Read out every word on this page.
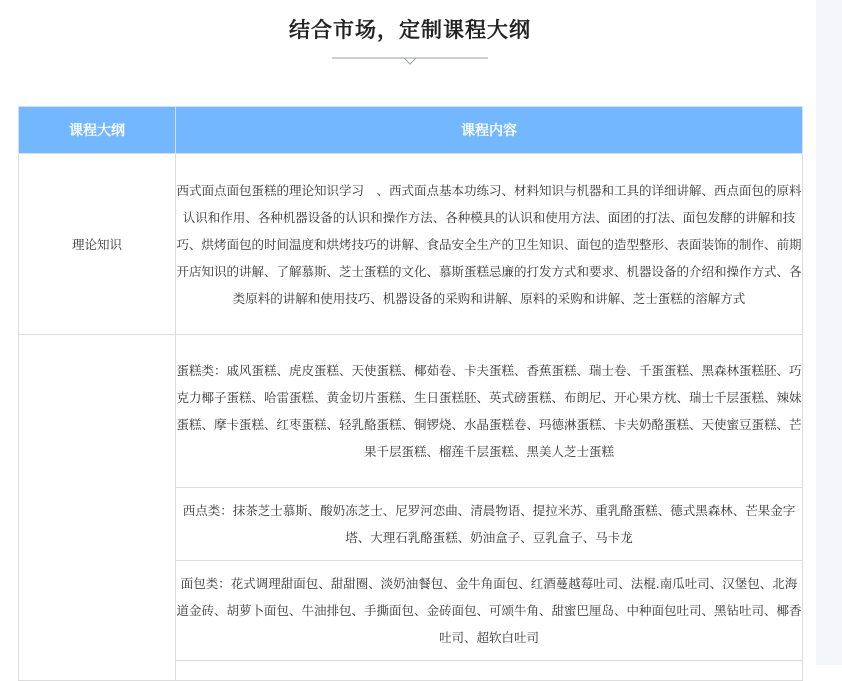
结合市场，定制课程大纲
课程大纲	课程内容
理论知识	西式面点面包蛋糕的理论知识学习　、西式面点基本功练习、材料知识与机器和工具的详细讲解、西点面包的原料认识和作用、各种机器设备的认识和操作方法、各种模具的认识和使用方法、面团的打法、面包发酵的讲解和技巧、烘烤面包的时间温度和烘烤技巧的讲解、食品安全生产的卫生知识、面包的造型整形、表面装饰的制作、前期开店知识的讲解、了解慕斯、芝士蛋糕的文化、慕斯蛋糕忌廉的打发方式和要求、机器设备的介绍和操作方式、各类原料的讲解和使用技巧、机器设备的采购和讲解、原料的采购和讲解、芝士蛋糕的溶解方式
	蛋糕类：戚风蛋糕、虎皮蛋糕、天使蛋糕、椰茹卷、卡夫蛋糕、香蕉蛋糕、瑞士卷、千蛋蛋糕、黑森林蛋糕胚、巧克力椰子蛋糕、哈雷蛋糕、黄金切片蛋糕、生日蛋糕胚、英式磅蛋糕、布朗尼、开心果方枕、瑞士千层蛋糕、辣妹蛋糕、摩卡蛋糕、红枣蛋糕、轻乳酪蛋糕、铜锣烧、水晶蛋糕卷、玛德淋蛋糕、卡夫奶酪蛋糕、天使蜜豆蛋糕、芒果千层蛋糕、榴莲千层蛋糕、黑美人芝士蛋糕
	西点类：抹茶芝士慕斯、酸奶冻芝士、尼罗河恋曲、清晨物语、提拉米苏、重乳酪蛋糕、德式黑森林、芒果金字塔、大理石乳酪蛋糕、奶油盒子、豆乳盒子、马卡龙
	面包类：花式调理甜面包、甜甜圈、淡奶油餐包、金牛角面包、红酒蔓越莓吐司、法棍.南瓜吐司、汉堡包、北海道金砖、胡萝卜面包、牛油排包、手撕面包、金砖面包、可颂牛角、甜蜜巴厘岛、中种面包吐司、黑钻吐司、椰香吐司、超软白吐司
